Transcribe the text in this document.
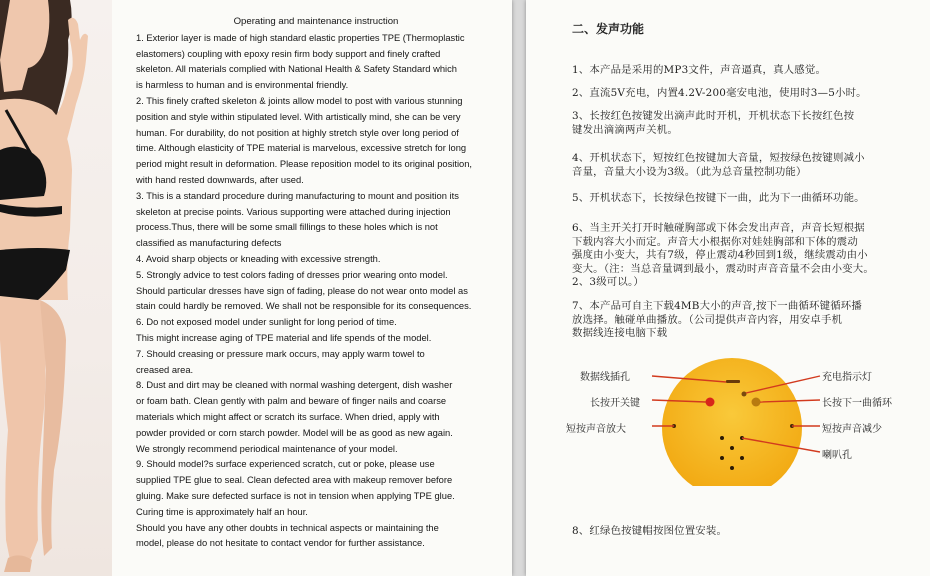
Operating and maintenance instruction

1. Exterior layer is made of high standard elastic properties TPE (Thermoplastic
elastomers) coupling with epoxy resin firm body support and finely crafted
skeleton. All materials complied with National Health & Safety Standard which
is harmless to human and is environmental friendly.

2. This finely crafted skeleton & joints allow model to post with various stunning
position and style within stipulated level. With artistically mind, she can be very
human. For durability, do not position at highly stretch style over long period of
time. Although elasticity of TPE material is marvelous, excessive stretch for long
period might result in deformation. Please reposition model to its original position,
with hand rested downwards, after used.

3. This is a standard procedure during manufacturing to mount and position its
skeleton at precise points. Various supporting were attached during injection
process.Thus, there will be some small fillings to these holes which is not
classified as manufacturing defects

4. Avoid sharp objects or kneading with excessive strength.

5. Strongly advice to test colors fading of dresses prior wearing onto model.
Should particular dresses have sign of fading, please do not wear onto model as
stain could hardly be removed. We shall not be responsible for its consequences.

6. Do not exposed model under sunlight for long period of time.
This might increase aging of TPE material and life spends of the model.

7. Should creasing or pressure mark occurs, may apply warm towel to
creased area.

8. Dust and dirt may be cleaned with normal washing detergent, dish washer
or foam bath. Clean gently with palm and beware of finger nails and coarse
materials which might affect or scratch its surface. When dried, apply with
powder provided or corn starch powder. Model will be as good as new again.
We strongly recommend periodical maintenance of your model.

9. Should model?s surface experienced scratch, cut or poke, please use
supplied TPE glue to seal. Clean defected area with makeup remover before
gluing. Make sure defected surface is not in tension when applying TPE glue.
Curing time is approximately half an hour.

Should you have any other doubts in technical aspects or maintaining the
model, please do not hesitate to contact vendor for further assistance.

二、发声功能
1、本产品是采用的MP3文件，声音逼真，真人感觉。
2、直流5V充电，内置4.2V-200毫安电池，使用时3—5小时。
3、长按红色按键发出滴声此时开机，开机状态下长按红色按
键发出滴滴两声关机。
4、开机状态下，短按红色按键加大音量，短按绿色按键则减小
音量，音量大小设为3级。（此为总音量控制功能）
5、开机状态下，长按绿色按键下一曲，此为下一曲循环功能。
6、当主开关打开时触碰胸部或下体会发出声音，声音长短根据
下载内容大小而定。声音大小根据你对娃娃胸部和下体的震动
强度由小变大，共有7级，停止震动4秒回到1级，继续震动由小
变大。（注：当总音量调到最小，震动时声音音量不会由小变大。
2、3级可以。）
7、本产品可自主下载4MB大小的声音,按下一曲循环键循环播
放选择。触碰单曲播放。（公司提供声音内容，用安卓手机
数据线连接电脑下载
8、红绿色按键帽按图位置安装。
数据线插孔
长按开关键
短按声音放大
充电指示灯
长按下一曲循环
短按声音减少
喇叭孔
